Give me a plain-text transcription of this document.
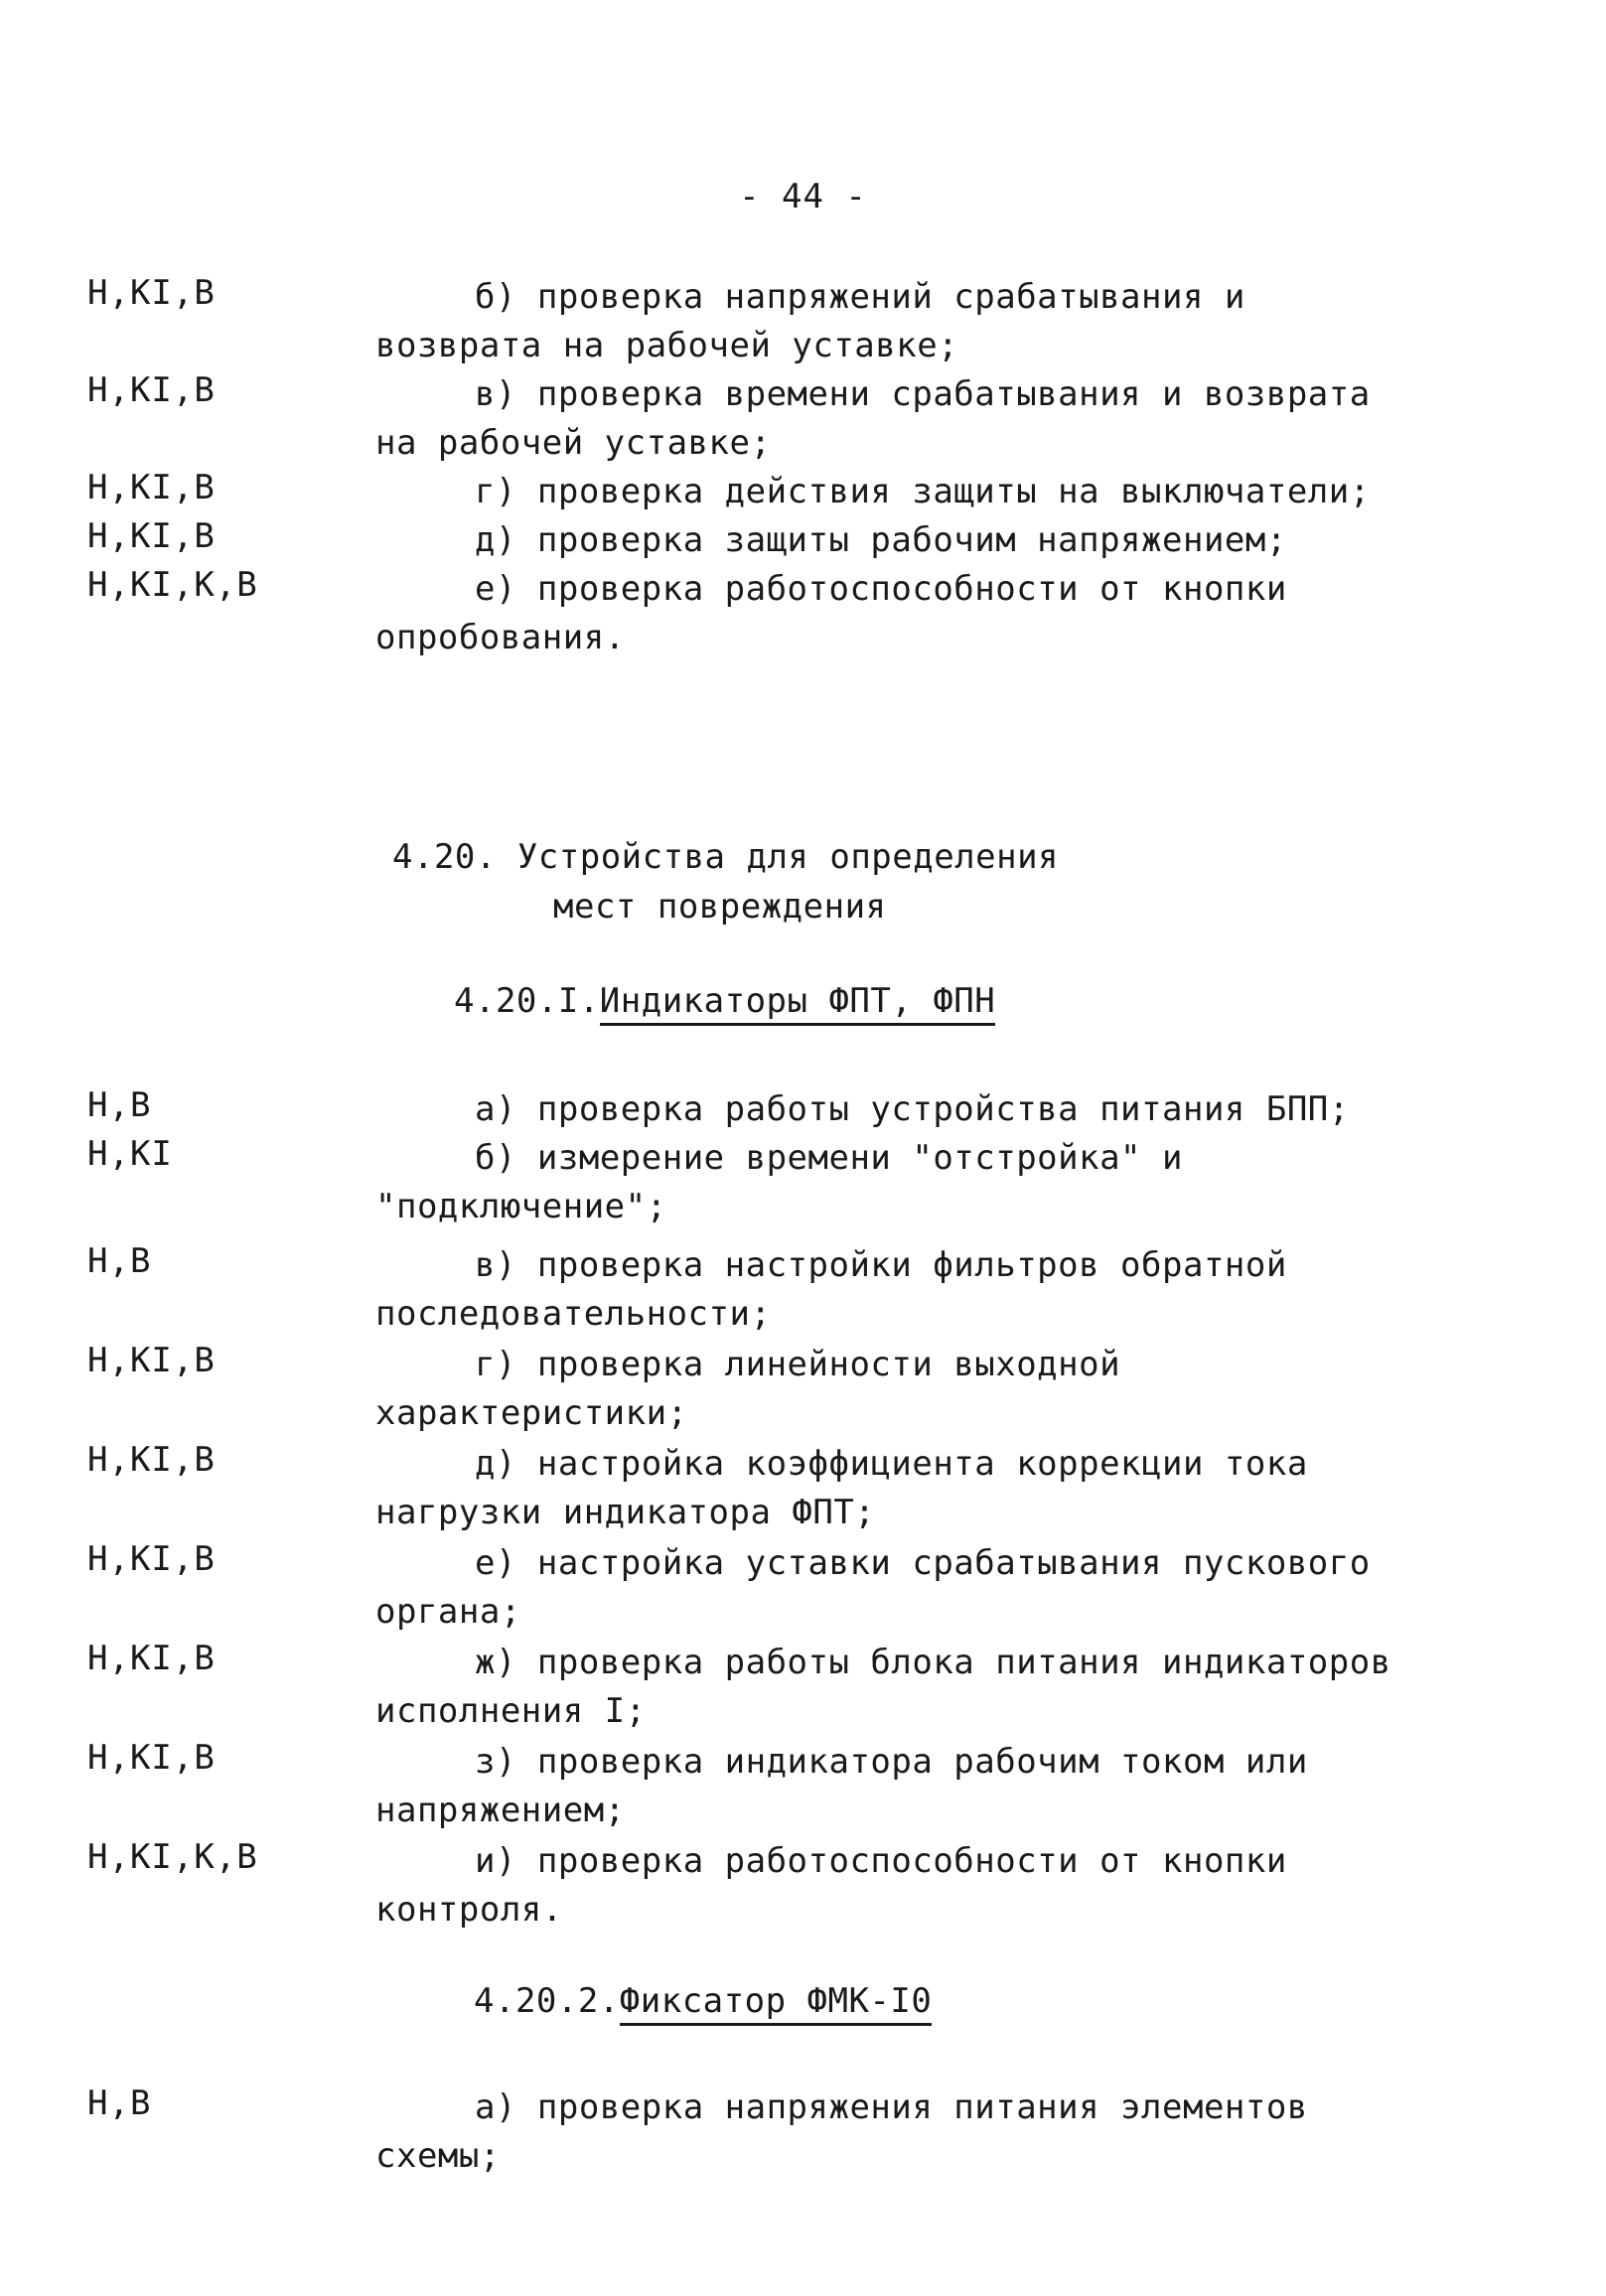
- 44 -
Н,КI,В	б) проверка напряжений срабатывания и возврата на рабочей уставке;
Н,КI,В	в) проверка времени срабатывания и возврата на рабочей уставке;
Н,КI,В	г) проверка действия защиты на выключатели;
Н,КI,В	д) проверка защиты рабочим напряжением;
Н,КI,К,В	е) проверка работоспособности от кнопки опробования.
4.20. Устройства для определения
мест повреждения
4.20.I.Индикаторы ФПТ, ФПН
Н,В	а) проверка работы устройства питания БПП;
Н,КI	б) измерение времени "отстройка" и "подключение";
Н,В	в) проверка настройки фильтров обратной последовательности;
Н,КI,В	г) проверка линейности выходной характеристики;
Н,КI,В	д) настройка коэффициента коррекции тока нагрузки индикатора ФПТ;
Н,КI,В	е) настройка уставки срабатывания пускового органа;
Н,КI,В	ж) проверка работы блока питания индикаторов исполнения I;
Н,КI,В	з) проверка индикатора рабочим током или напряжением;
Н,КI,К,В	и) проверка работоспособности от кнопки контроля.
4.20.2.Фиксатор ФМК-I0
Н,В	а) проверка напряжения питания элементов схемы;
